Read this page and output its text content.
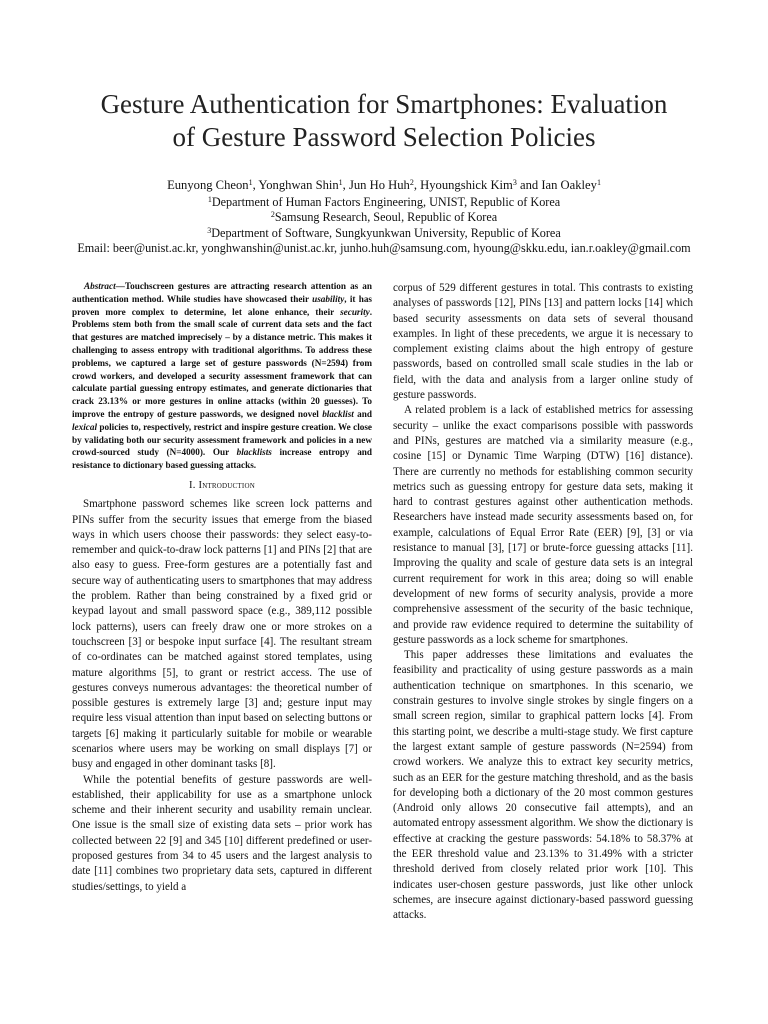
Gesture Authentication for Smartphones: Evaluation
of Gesture Password Selection Policies
Eunyong Cheon$^1$, Yonghwan Shin$^1$, Jun Ho Huh$^2$, Hyoungshick Kim$^3$ and Ian Oakley$^1$
$^1$Department of Human Factors Engineering, UNIST, Republic of Korea
$^2$Samsung Research, Seoul, Republic of Korea
$^3$Department of Software, Sungkyunkwan University, Republic of Korea
Email: beer@unist.ac.kr, yonghwanshin@unist.ac.kr, junho.huh@samsung.com, hyoung@skku.edu, ian.r.oakley@gmail.com
Abstract—Touchscreen gestures are attracting research attention as an authentication method. While studies have showcased their usability, it has proven more complex to determine, let alone enhance, their security. Problems stem both from the small scale of current data sets and the fact that gestures are matched imprecisely – by a distance metric. This makes it challenging to assess entropy with traditional algorithms. To address these problems, we captured a large set of gesture passwords (N=2594) from crowd workers, and developed a security assessment framework that can calculate partial guessing entropy estimates, and generate dictionaries that crack 23.13% or more gestures in online attacks (within 20 guesses). To improve the entropy of gesture passwords, we designed novel blacklist and lexical policies to, respectively, restrict and inspire gesture creation. We close by validating both our security assessment framework and policies in a new crowd-sourced study (N=4000). Our blacklists increase entropy and resistance to dictionary based guessing attacks.
I. Introduction

Smartphone password schemes like screen lock patterns and PINs suffer from the security issues that emerge from the biased ways in which users choose their passwords: they select easy-to-remember and quick-to-draw lock patterns [1] and PINs [2] that are also easy to guess. Free-form gestures are a potentially fast and secure way of authenticating users to smartphones that may address the problem. Rather than being constrained by a fixed grid or keypad layout and small password space (e.g., 389,112 possible lock patterns), users can freely draw one or more strokes on a touchscreen [3] or bespoke input surface [4]. The resultant stream of co-ordinates can be matched against stored templates, using mature algorithms [5], to grant or restrict access. The use of gestures conveys numerous advantages: the theoretical number of possible gestures is extremely large [3] and; gesture input may require less visual attention than input based on selecting buttons or targets [6] making it particularly suitable for mobile or wearable scenarios where users may be working on small displays [7] or busy and engaged in other dominant tasks [8].

While the potential benefits of gesture passwords are well-established, their applicability for use as a smartphone unlock scheme and their inherent security and usability remain unclear. One issue is the small size of existing data sets – prior work has collected between 22 [9] and 345 [10] different predefined or user-proposed gestures from 34 to 45 users and the largest analysis to date [11] combines two proprietary data sets, captured in different studies/settings, to yield a

corpus of 529 different gestures in total. This contrasts to existing analyses of passwords [12], PINs [13] and pattern locks [14] which based security assessments on data sets of several thousand examples. In light of these precedents, we argue it is necessary to complement existing claims about the high entropy of gesture passwords, based on controlled small scale studies in the lab or field, with the data and analysis from a larger online study of gesture passwords.

A related problem is a lack of established metrics for assessing security – unlike the exact comparisons possible with passwords and PINs, gestures are matched via a similarity measure (e.g., cosine [15] or Dynamic Time Warping (DTW) [16] distance). There are currently no methods for establishing common security metrics such as guessing entropy for gesture data sets, making it hard to contrast gestures against other authentication methods. Researchers have instead made security assessments based on, for example, calculations of Equal Error Rate (EER) [9], [3] or via resistance to manual [3], [17] or brute-force guessing attacks [11]. Improving the quality and scale of gesture data sets is an integral current requirement for work in this area; doing so will enable development of new forms of security analysis, provide a more comprehensive assessment of the security of the basic technique, and provide raw evidence required to determine the suitability of gesture passwords as a lock scheme for smartphones.

This paper addresses these limitations and evaluates the feasibility and practicality of using gesture passwords as a main authentication technique on smartphones. In this scenario, we constrain gestures to involve single strokes by single fingers on a small screen region, similar to graphical pattern locks [4]. From this starting point, we describe a multi-stage study. We first capture the largest extant sample of gesture passwords (N=2594) from crowd workers. We analyze this to extract key security metrics, such as an EER for the gesture matching threshold, and as the basis for developing both a dictionary of the 20 most common gestures (Android only allows 20 consecutive fail attempts), and an automated entropy assessment algorithm. We show the dictionary is effective at cracking the gesture passwords: 54.18% to 58.37% at the EER threshold value and 23.13% to 31.49% with a stricter threshold derived from closely related prior work [10]. This indicates user-chosen gesture passwords, just like other unlock schemes, are insecure against dictionary-based password guessing attacks.
